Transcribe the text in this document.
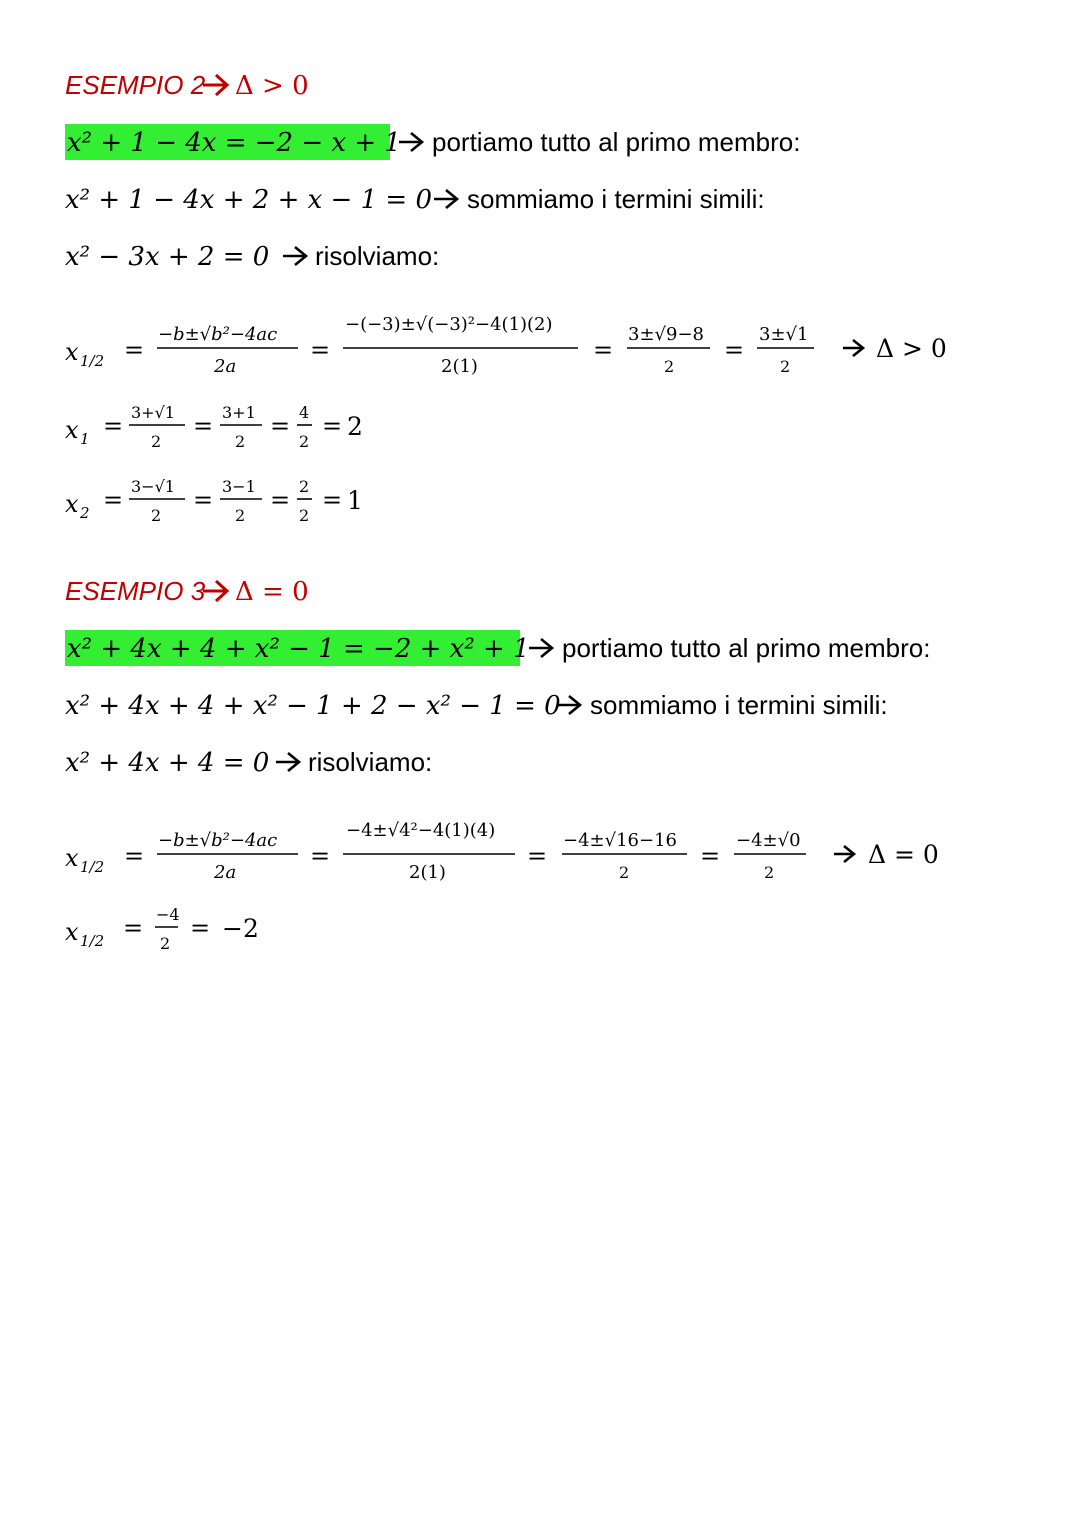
ESEMPIO 2 Δ > 0
x² + 1 − 4x = −2 − x + 1 portiamo tutto al primo membro:
x² + 1 − 4x + 2 + x − 1 = 0 sommiamo i termini simili:
x² − 3x + 2 = 0 risolviamo:
x 1/2 =
−b±√b²−4ac
2a
=
−(−3)±√(−3)²−4(1)(2)
2(1)
=
3±√9−8
2
=
3±√1
2
Δ > 0
x 1 = 3+√1
2
= 3+1
2
= 4
2
= 2
x 2 = 3−√1
2
= 3−1
2
= 2
2
= 1
ESEMPIO 3 Δ = 0
x² + 4x + 4 + x² − 1 = −2 + x² + 1 portiamo tutto al primo membro:
x² + 4x + 4 + x² − 1 + 2 − x² − 1 = 0 sommiamo i termini simili:
x² + 4x + 4 = 0 risolviamo:
x 1/2 =
−b±√b²−4ac
2a
=
−4±√4²−4(1)(4)
2(1)
=
−4±√16−16
2
=
−4±√0
2
Δ = 0
x 1/2 = −4
2
= −2
